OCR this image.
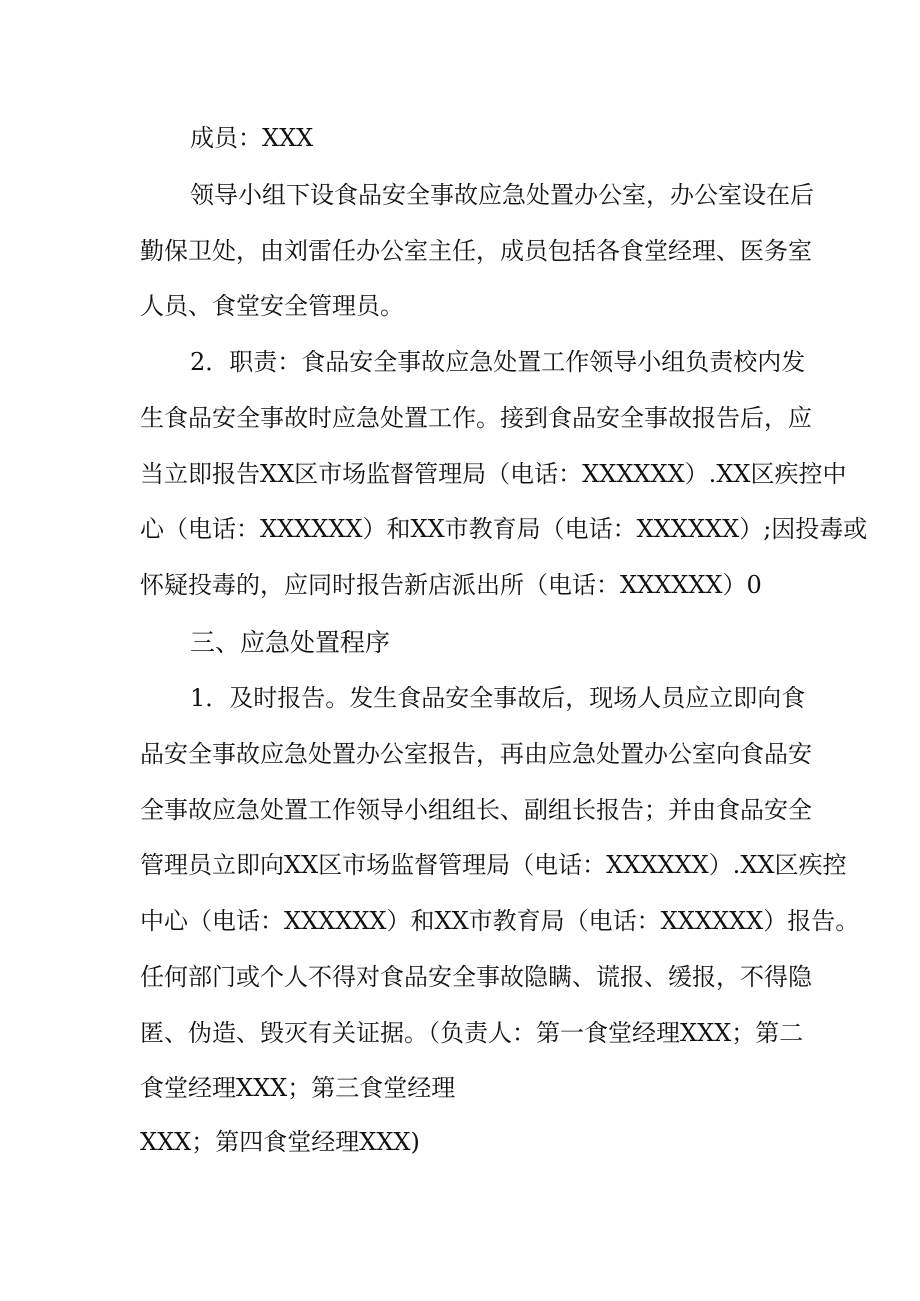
成员：XXX
领导小组下设食品安全事故应急处置办公室，办公室设在后
勤保卫处，由刘雷任办公室主任，成员包括各食堂经理、医务室
人员、食堂安全管理员。
2．职责：食品安全事故应急处置工作领导小组负责校内发
生食品安全事故时应急处置工作。接到食品安全事故报告后，应
当立即报告XX区市场监督管理局（电话：XXXXXX）.XX区疾控中
心（电话：XXXXXX）和XX市教育局（电话：XXXXXX）;因投毒或
怀疑投毒的，应同时报告新店派出所（电话：XXXXXX）0
三、应急处置程序
1．及时报告。发生食品安全事故后，现场人员应立即向食
品安全事故应急处置办公室报告，再由应急处置办公室向食品安
全事故应急处置工作领导小组组长、副组长报告；并由食品安全
管理员立即向XX区市场监督管理局（电话：XXXXXX）.XX区疾控
中心（电话：XXXXXX）和XX市教育局（电话：XXXXXX）报告。
任何部门或个人不得对食品安全事故隐瞒、谎报、缓报，不得隐
匿、伪造、毁灭有关证据。（负责人：第一食堂经理XXX；第二
食堂经理XXX；第三食堂经理
XXX；第四食堂经理XXX)
